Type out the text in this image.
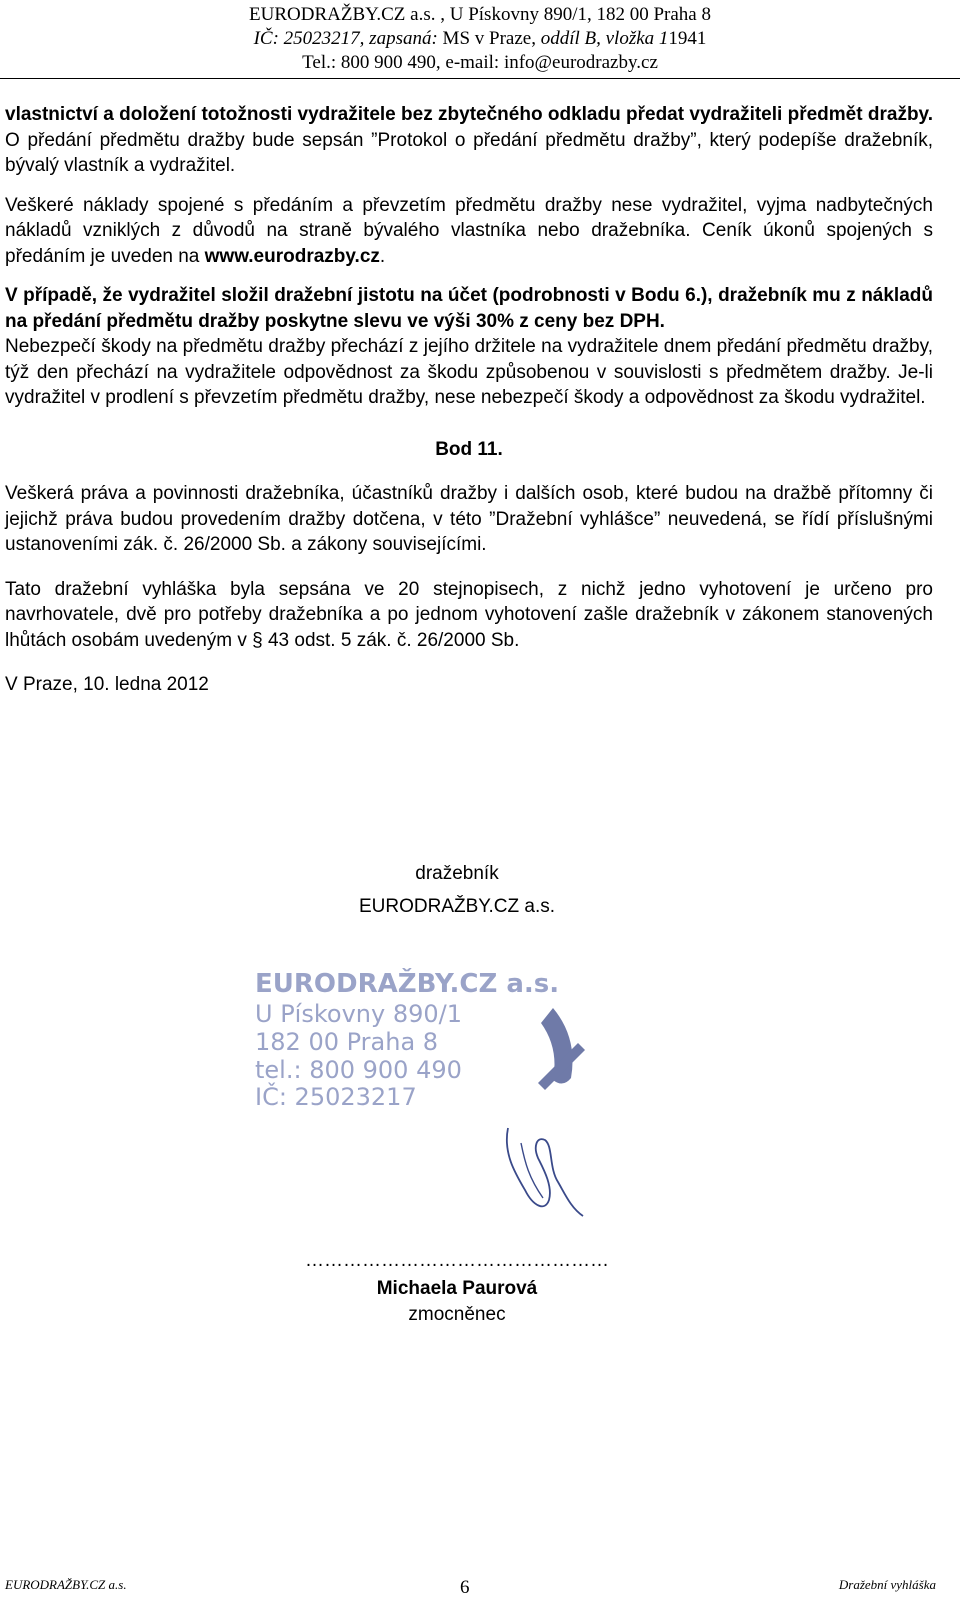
EURODRAŽBY.CZ a.s. , U Pískovny 890/1, 182 00 Praha 8
IČ: 25023217, zapsaná: MS v Praze, oddíl B, vložka 11941
Tel.: 800 900 490, e-mail: info@eurodrazby.cz

vlastnictví a doložení totožnosti vydražitele bez zbytečného odkladu předat vydražiteli předmět dražby. O předání předmětu dražby bude sepsán ”Protokol o předání předmětu dražby”, který podepíše dražebník, bývalý vlastník a vydražitel.

Veškeré náklady spojené s předáním a převzetím předmětu dražby nese vydražitel, vyjma nadbytečných nákladů vzniklých z důvodů na straně bývalého vlastníka nebo dražebníka. Ceník úkonů spojených s předáním je uveden na www.eurodrazby.cz.

V případě, že vydražitel složil dražební jistotu na účet (podrobnosti v Bodu 6.), dražebník mu z nákladů na předání předmětu dražby poskytne slevu ve výši 30% z ceny bez DPH.

Nebezpečí škody na předmětu dražby přechází z jejího držitele na vydražitele dnem předání předmětu dražby, týž den přechází na vydražitele odpovědnost za škodu způsobenou v souvislosti s předmětem dražby. Je-li vydražitel v prodlení s převzetím předmětu dražby, nese nebezpečí škody a odpovědnost za škodu vydražitel.

Bod 11.

Veškerá práva a povinnosti dražebníka, účastníků dražby i dalších osob, které budou na dražbě přítomny či jejichž práva budou provedením dražby dotčena, v této ”Dražební vyhlášce” neuvedená, se řídí příslušnými ustanoveními zák. č. 26/2000 Sb. a zákony souvisejícími.

Tato dražební vyhláška byla sepsána ve 20 stejnopisech, z nichž jedno vyhotovení je určeno pro navrhovatele, dvě pro potřeby dražebníka a po jednom vyhotovení zašle dražebník v zákonem stanovených lhůtách osobám uvedeným v § 43 odst. 5 zák. č. 26/2000 Sb.

V Praze, 10. ledna 2012

dražebník
EURODRAŽBY.CZ a.s.
EURODRAŽBY.CZ a.s.
U Pískovny 890/1
182 00 Praha 8
tel.: 800 900 490
IČ: 25023217
…………………………………………
Michaela Paurová
zmocněnec
EURODRAŽBY.CZ a.s.	6	Dražební vyhláška
